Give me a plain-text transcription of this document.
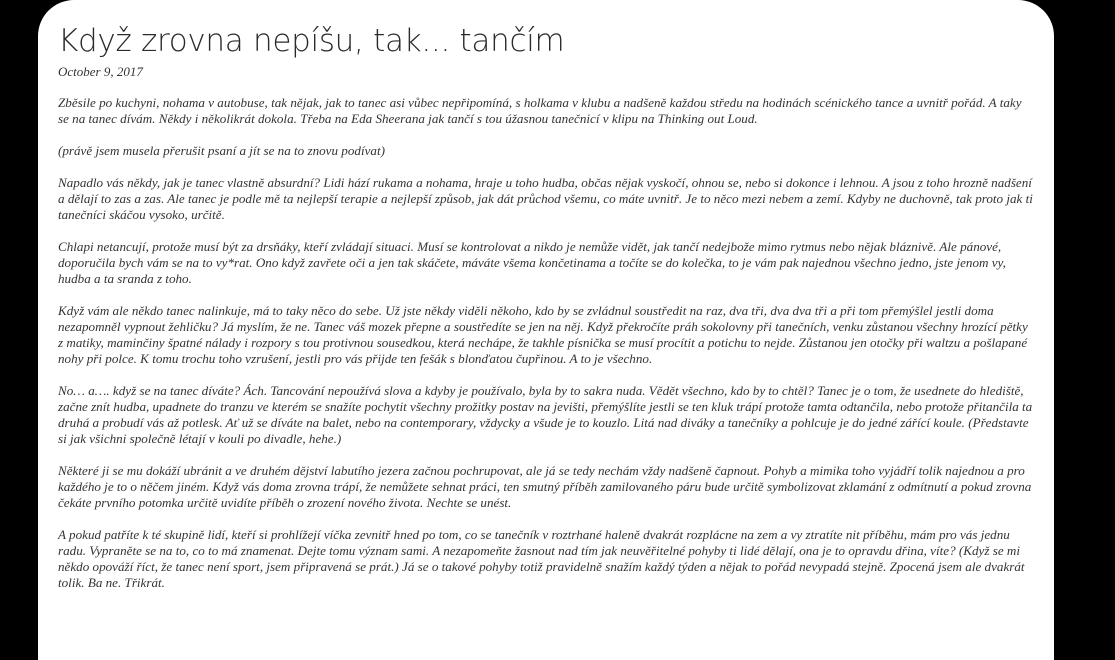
Když zrovna nepíšu, tak... tančím
October 9, 2017

Zběsile po kuchyni, nohama v autobuse, tak nějak, jak to tanec asi vůbec nepřipomíná, s holkama v klubu a nadšeně každou středu na hodinách scénického tance a uvnitř pořád. A taky se na tanec dívám. Někdy i několikrát dokola. Třeba na Eda Sheerana jak tančí s tou úžasnou tanečnicí v klipu na Thinking out Loud.

(právě jsem musela přerušit psaní a jít se na to znovu podívat)

Napadlo vás někdy, jak je tanec vlastně absurdní? Lidi hází rukama a nohama, hraje u toho hudba, občas nějak vyskočí, ohnou se, nebo si dokonce i lehnou. A jsou z toho hrozně nadšení a dělají to zas a zas. Ale tanec je podle mě ta nejlepší terapie a nejlepší způsob, jak dát průchod všemu, co máte uvnitř. Je to něco mezi nebem a zemí. Kdyby ne duchovně, tak proto jak ti tanečníci skáčou vysoko, určitě.

Chlapi netancují, protože musí být za drsňáky, kteří zvládají situaci. Musí se kontrolovat a nikdo je nemůže vidět, jak tančí nedejbože mimo rytmus nebo nějak bláznivě. Ale pánové, doporučila bych vám se na to vy*rat. Ono když zavřete oči a jen tak skáčete, máváte všema končetinama a točíte se do kolečka, to je vám pak najednou všechno jedno, jste jenom vy, hudba a ta sranda z toho.

Když vám ale někdo tanec nalinkuje, má to taky něco do sebe. Už jste někdy viděli někoho, kdo by se zvládnul soustředit na raz, dva tři, dva dva tři a při tom přemýšlel jestli doma nezapomněl vypnout žehličku? Já myslím, že ne. Tanec váš mozek přepne a soustředíte se jen na něj. Když překročíte práh sokolovny při tanečních, venku zůstanou všechny hrozící pětky z matiky, maminčiny špatné nálady i rozpory s tou protivnou sousedkou, která nechápe, že takhle písnička se musí procítit a potichu to nejde. Zůstanou jen otočky při waltzu a pošlapané nohy při polce. K tomu trochu toho vzrušení, jestli pro vás přijde ten fešák s blonďatou čupřinou. A to je všechno.

No… a…. když se na tanec díváte? Ách. Tancování nepoužívá slova a kdyby je používalo, byla by to sakra nuda. Vědět všechno, kdo by to chtěl? Tanec je o tom, že usednete do hlediště, začne znít hudba, upadnete do tranzu ve kterém se snažíte pochytit všechny prožitky postav na jevišti, přemýšlíte jestli se ten kluk trápí protože tamta odtančila, nebo protože přitančila ta druhá a probudí vás až potlesk. Ať už se díváte na balet, nebo na contemporary, vždycky a všude je to kouzlo. Litá nad diváky a tanečníky a pohlcuje je do jedné zářící koule. (Představte si jak všichni společně létají v kouli po divadle, hehe.)

Některé ji se mu dokáží ubránit a ve druhém dějství labutího jezera začnou pochrupovat, ale já se tedy nechám vždy nadšeně čapnout. Pohyb a mimika toho vyjádří tolik najednou a pro každého je to o něčem jiném. Když vás doma zrovna trápí, že nemůžete sehnat práci, ten smutný příběh zamilovaného páru bude určitě symbolizovat zklamání z odmítnutí a pokud zrovna čekáte prvního potomka určitě uvidíte příběh o zrození nového života. Nechte se unést.

A pokud patříte k té skupině lidí, kteří si prohlížejí víčka zevnitř hned po tom, co se tanečník v roztrhané haleně dvakrát rozplácne na zem a vy ztratíte nit příběhu, mám pro vás jednu radu. Vypraněte se na to, co to má znamenat. Dejte tomu význam sami. A nezapomeňte žasnout nad tím jak neuvěřitelné pohyby ti lidé dělají, ona je to opravdu dřina, víte? (Když se mi někdo opováží říct, že tanec není sport, jsem připravená se prát.) Já se o takové pohyby totiž pravidelně snažím každý týden a nějak to pořád nevypadá stejně. Zpocená jsem ale dvakrát tolik. Ba ne. Třikrát.
